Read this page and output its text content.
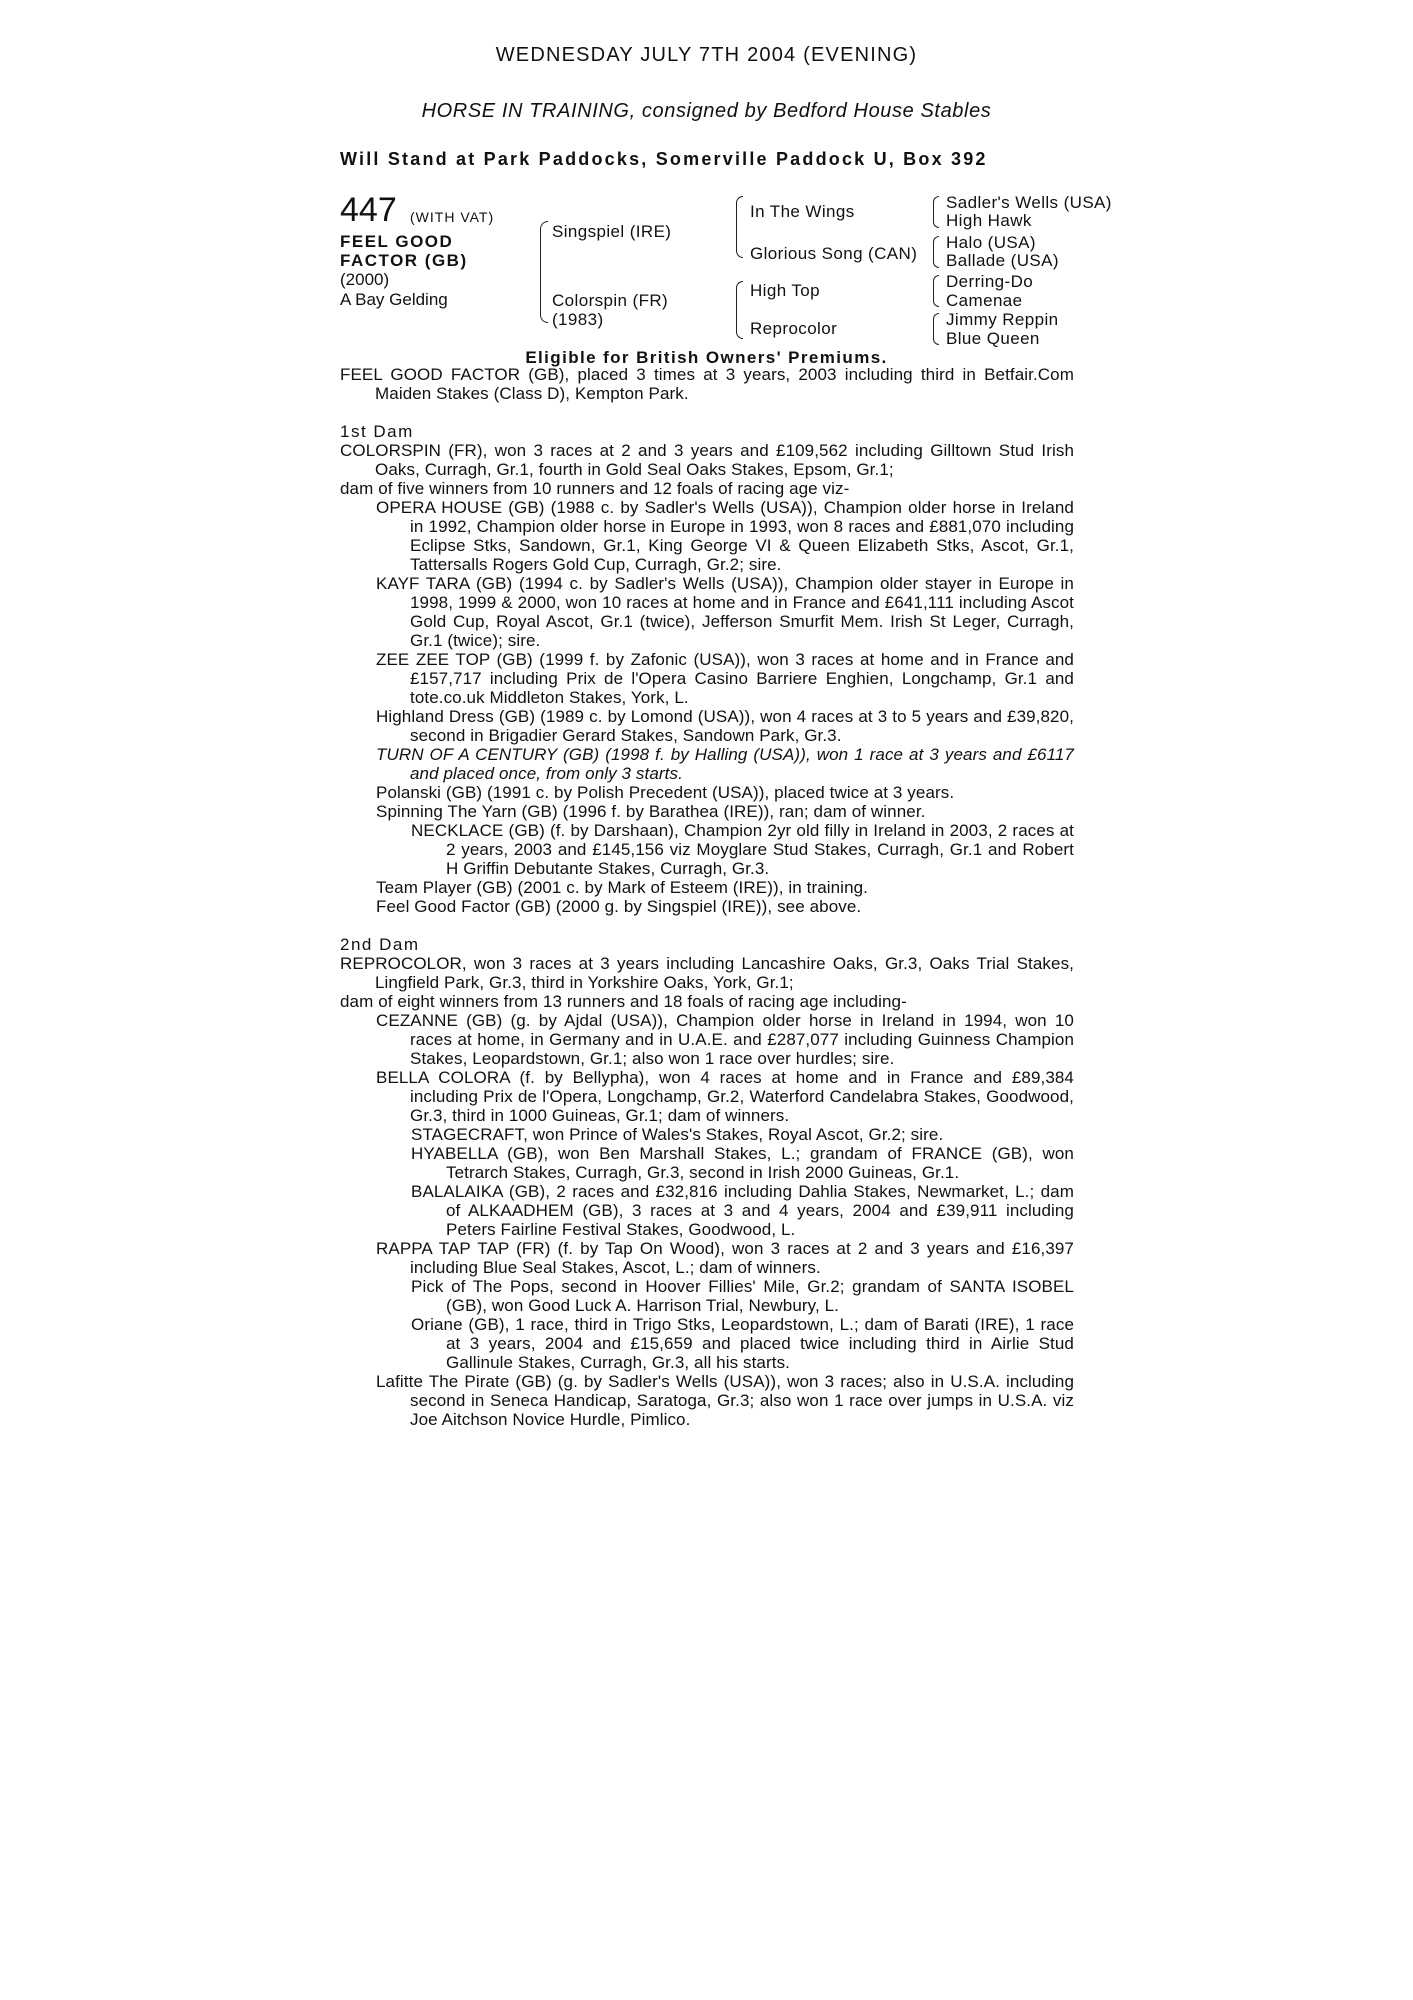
WEDNESDAY JULY 7TH 2004 (EVENING)
HORSE IN TRAINING, consigned by Bedford House Stables
Will Stand at Park Paddocks, Somerville Paddock U, Box 392
447 (WITH VAT)
FEEL GOOD FACTOR (GB)
(2000)
A Bay Gelding
Singspiel (IRE)
Colorspin (FR)
(1983)
In The Wings
Glorious Song (CAN)
High Top
Reprocolor
Sadler's Wells (USA)
High Hawk
Halo (USA)
Ballade (USA)
Derring-Do
Camenae
Jimmy Reppin
Blue Queen
Eligible for British Owners' Premiums.

FEEL GOOD FACTOR (GB), placed 3 times at 3 years, 2003 including third in Betfair.Com Maiden Stakes (Class D), Kempton Park.

1st Dam

COLORSPIN (FR), won 3 races at 2 and 3 years and £109,562 including Gilltown Stud Irish Oaks, Curragh, Gr.1, fourth in Gold Seal Oaks Stakes, Epsom, Gr.1;

dam of five winners from 10 runners and 12 foals of racing age viz-

OPERA HOUSE (GB) (1988 c. by Sadler's Wells (USA)), Champion older horse in Ireland in 1992, Champion older horse in Europe in 1993, won 8 races and £881,070 including Eclipse Stks, Sandown, Gr.1, King George VI & Queen Elizabeth Stks, Ascot, Gr.1, Tattersalls Rogers Gold Cup, Curragh, Gr.2; sire.

KAYF TARA (GB) (1994 c. by Sadler's Wells (USA)), Champion older stayer in Europe in 1998, 1999 & 2000, won 10 races at home and in France and £641,111 including Ascot Gold Cup, Royal Ascot, Gr.1 (twice), Jefferson Smurfit Mem. Irish St Leger, Curragh, Gr.1 (twice); sire.

ZEE ZEE TOP (GB) (1999 f. by Zafonic (USA)), won 3 races at home and in France and £157,717 including Prix de l'Opera Casino Barriere Enghien, Longchamp, Gr.1 and tote.co.uk Middleton Stakes, York, L.

Highland Dress (GB) (1989 c. by Lomond (USA)), won 4 races at 3 to 5 years and £39,820, second in Brigadier Gerard Stakes, Sandown Park, Gr.3.

TURN OF A CENTURY (GB) (1998 f. by Halling (USA)), won 1 race at 3 years and £6117 and placed once, from only 3 starts.

Polanski (GB) (1991 c. by Polish Precedent (USA)), placed twice at 3 years.

Spinning The Yarn (GB) (1996 f. by Barathea (IRE)), ran; dam of winner.

NECKLACE (GB) (f. by Darshaan), Champion 2yr old filly in Ireland in 2003, 2 races at 2 years, 2003 and £145,156 viz Moyglare Stud Stakes, Curragh, Gr.1 and Robert H Griffin Debutante Stakes, Curragh, Gr.3.

Team Player (GB) (2001 c. by Mark of Esteem (IRE)), in training.

Feel Good Factor (GB) (2000 g. by Singspiel (IRE)), see above.

2nd Dam

REPROCOLOR, won 3 races at 3 years including Lancashire Oaks, Gr.3, Oaks Trial Stakes, Lingfield Park, Gr.3, third in Yorkshire Oaks, York, Gr.1;

dam of eight winners from 13 runners and 18 foals of racing age including-

CEZANNE (GB) (g. by Ajdal (USA)), Champion older horse in Ireland in 1994, won 10 races at home, in Germany and in U.A.E. and £287,077 including Guinness Champion Stakes, Leopardstown, Gr.1; also won 1 race over hurdles; sire.

BELLA COLORA (f. by Bellypha), won 4 races at home and in France and £89,384 including Prix de l'Opera, Longchamp, Gr.2, Waterford Candelabra Stakes, Goodwood, Gr.3, third in 1000 Guineas, Gr.1; dam of winners.

STAGECRAFT, won Prince of Wales's Stakes, Royal Ascot, Gr.2; sire.

HYABELLA (GB), won Ben Marshall Stakes, L.; grandam of FRANCE (GB), won Tetrarch Stakes, Curragh, Gr.3, second in Irish 2000 Guineas, Gr.1.

BALALAIKA (GB), 2 races and £32,816 including Dahlia Stakes, Newmarket, L.; dam of ALKAADHEM (GB), 3 races at 3 and 4 years, 2004 and £39,911 including Peters Fairline Festival Stakes, Goodwood, L.

RAPPA TAP TAP (FR) (f. by Tap On Wood), won 3 races at 2 and 3 years and £16,397 including Blue Seal Stakes, Ascot, L.; dam of winners.

Pick of The Pops, second in Hoover Fillies' Mile, Gr.2; grandam of SANTA ISOBEL (GB), won Good Luck A. Harrison Trial, Newbury, L.

Oriane (GB), 1 race, third in Trigo Stks, Leopardstown, L.; dam of Barati (IRE), 1 race at 3 years, 2004 and £15,659 and placed twice including third in Airlie Stud Gallinule Stakes, Curragh, Gr.3, all his starts.

Lafitte The Pirate (GB) (g. by Sadler's Wells (USA)), won 3 races; also in U.S.A. including second in Seneca Handicap, Saratoga, Gr.3; also won 1 race over jumps in U.S.A. viz Joe Aitchson Novice Hurdle, Pimlico.
